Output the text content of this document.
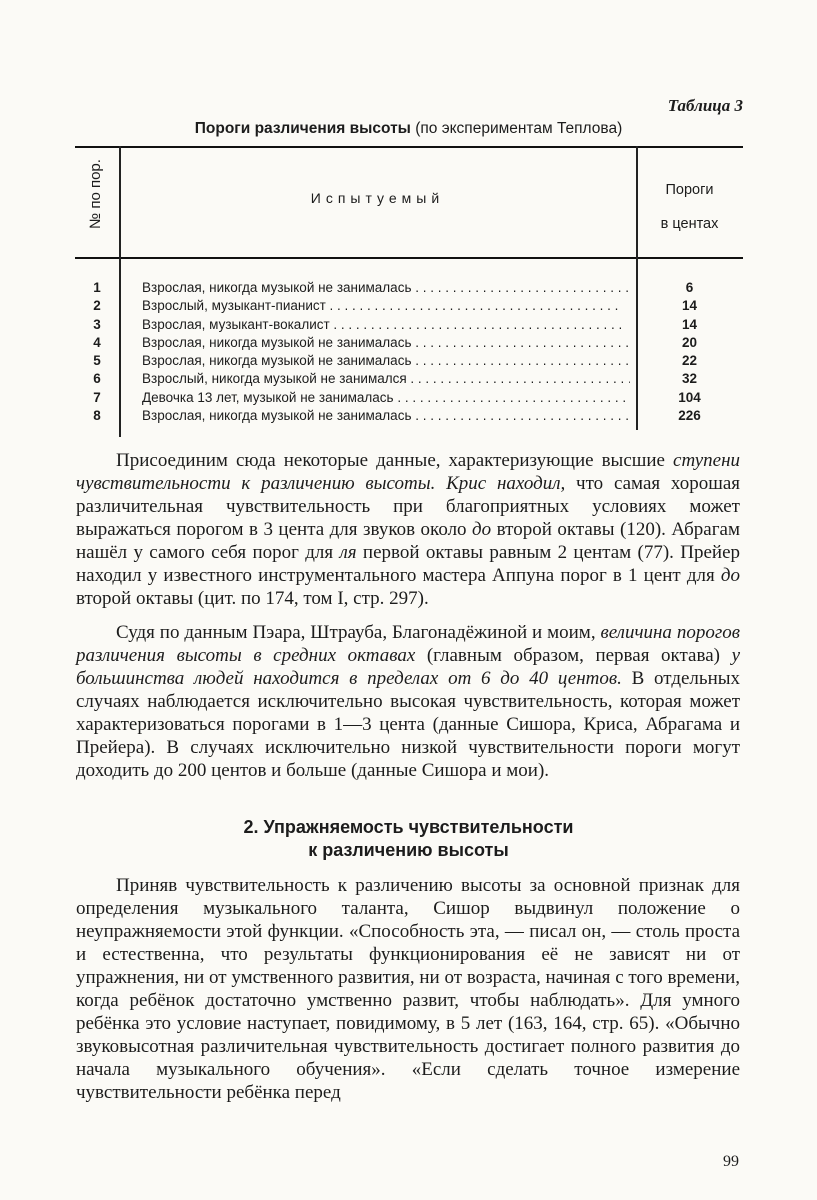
Таблица 3
Пороги различения высоты (по экспериментам Теплова)
№ по пор.	Испытуемый	Пороги
в центах
1	Взрослая, никогда музыкой не занималась . . .	6
2	Взрослый, музыкант-пианист . . .	14
3	Взрослая, музыкант-вокалист . . .	14
4	Взрослая, никогда музыкой не занималась . . .	20
5	Взрослая, никогда музыкой не занималась . . .	22
6	Взрослый, никогда музыкой не занимался . . .	32
7	Девочка 13 лет, музыкой не занималась . . .	104
8	Взрослая, никогда музыкой не занималась . . .	226

Присоединим сюда некоторые данные, характеризующие высшие ступени чувствительности к различению высоты. Крис находил, что самая хорошая различительная чувствительность при благоприятных условиях может выражаться порогом в 3 цента для звуков около до второй октавы (120). Абрагам нашёл у самого себя порог для ля первой октавы равным 2 центам (77). Прейер находил у известного инструментального мастера Аппуна порог в 1 цент для до второй октавы (цит. по 174, том I, стр. 297).

Судя по данным Пэара, Штрауба, Благонадёжиной и моим, величина порогов различения высоты в средних октавах (главным образом, первая октава) у большинства людей находится в пределах от 6 до 40 центов. В отдельных случаях наблюдается исключительно высокая чувствительность, которая может характеризоваться порогами в 1—3 цента (данные Сишора, Криса, Абрагама и Прейера). В случаях исключительно низкой чувствительности пороги могут доходить до 200 центов и больше (данные Сишора и мои).

2. Упражняемость чувствительности
к различению высоты

Приняв чувствительность к различению высоты за основной признак для определения музыкального таланта, Сишор выдвинул положение о неупражняемости этой функции. «Способность эта, — писал он, — столь проста и естественна, что результаты функционирования её не зависят ни от упражнения, ни от умственного развития, ни от возраста, начиная с того времени, когда ребёнок достаточно умственно развит, чтобы наблюдать». Для умного ребёнка это условие наступает, повидимому, в 5 лет (163, 164, стр. 65). «Обычно звуковысотная различительная чувствительность достигает полного развития до начала музыкального обучения». «Если сделать точное измерение чувствительности ребёнка перед

99
